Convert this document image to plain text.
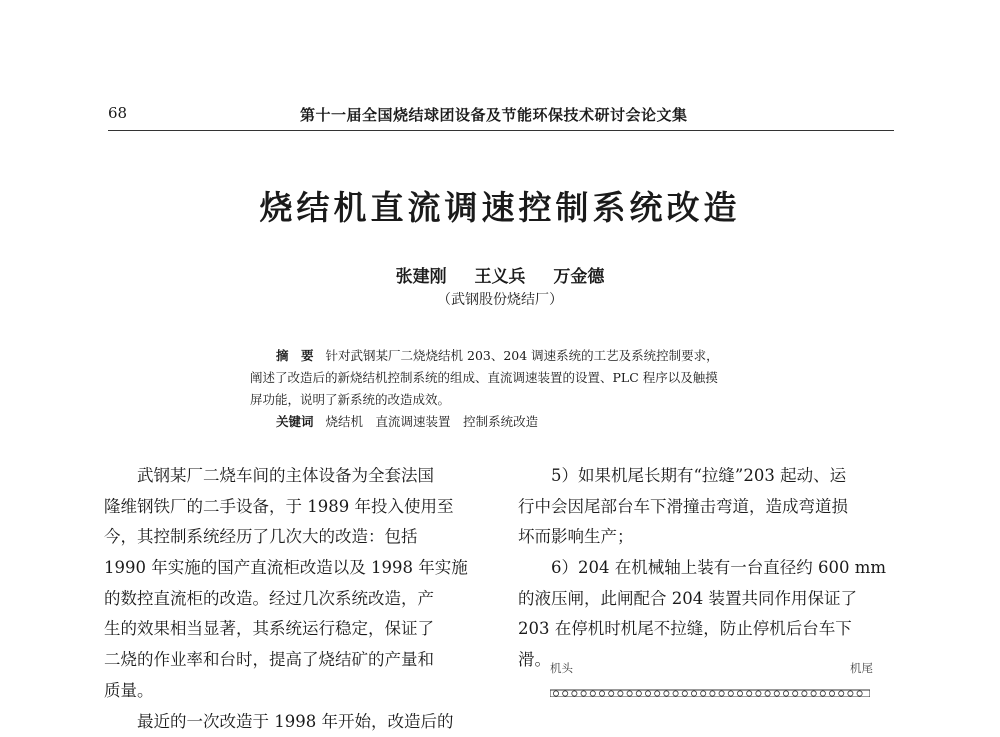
68	第十一届全国烧结球团设备及节能环保技术研讨会论文集
烧结机直流调速控制系统改造
张建刚 王义兵 万金德
（武钢股份烧结厂）
摘　要 针对武钢某厂二烧烧结机 203、204 调速系统的工艺及系统控制要求，
阐述了改造后的新烧结机控制系统的组成、直流调速装置的设置、PLC 程序以及触摸
屏功能，说明了新系统的改造成效。
关键词 烧结机　 直流调速装置　 控制系统改造
武钢某厂二烧车间的主体设备为全套法国
隆维钢铁厂的二手设备，于 1989 年投入使用至
今，其控制系统经历了几次大的改造：包括
1990 年实施的国产直流柜改造以及 1998 年实施
的数控直流柜的改造。经过几次系统改造，产
生的效果相当显著，其系统运行稳定，保证了
二烧的作业率和台时，提高了烧结矿的产量和
质量。
最近的一次改造于 1998 年开始，改造后的
5）如果机尾长期有“拉缝”203 起动、运
行中会因尾部台车下滑撞击弯道，造成弯道损
坏而影响生产；
6）204 在机械轴上装有一台直径约 600 mm
的液压闸，此闸配合 204 装置共同作用保证了
203 在停机时机尾不拉缝，防止停机后台车下
滑。 机头	机尾
